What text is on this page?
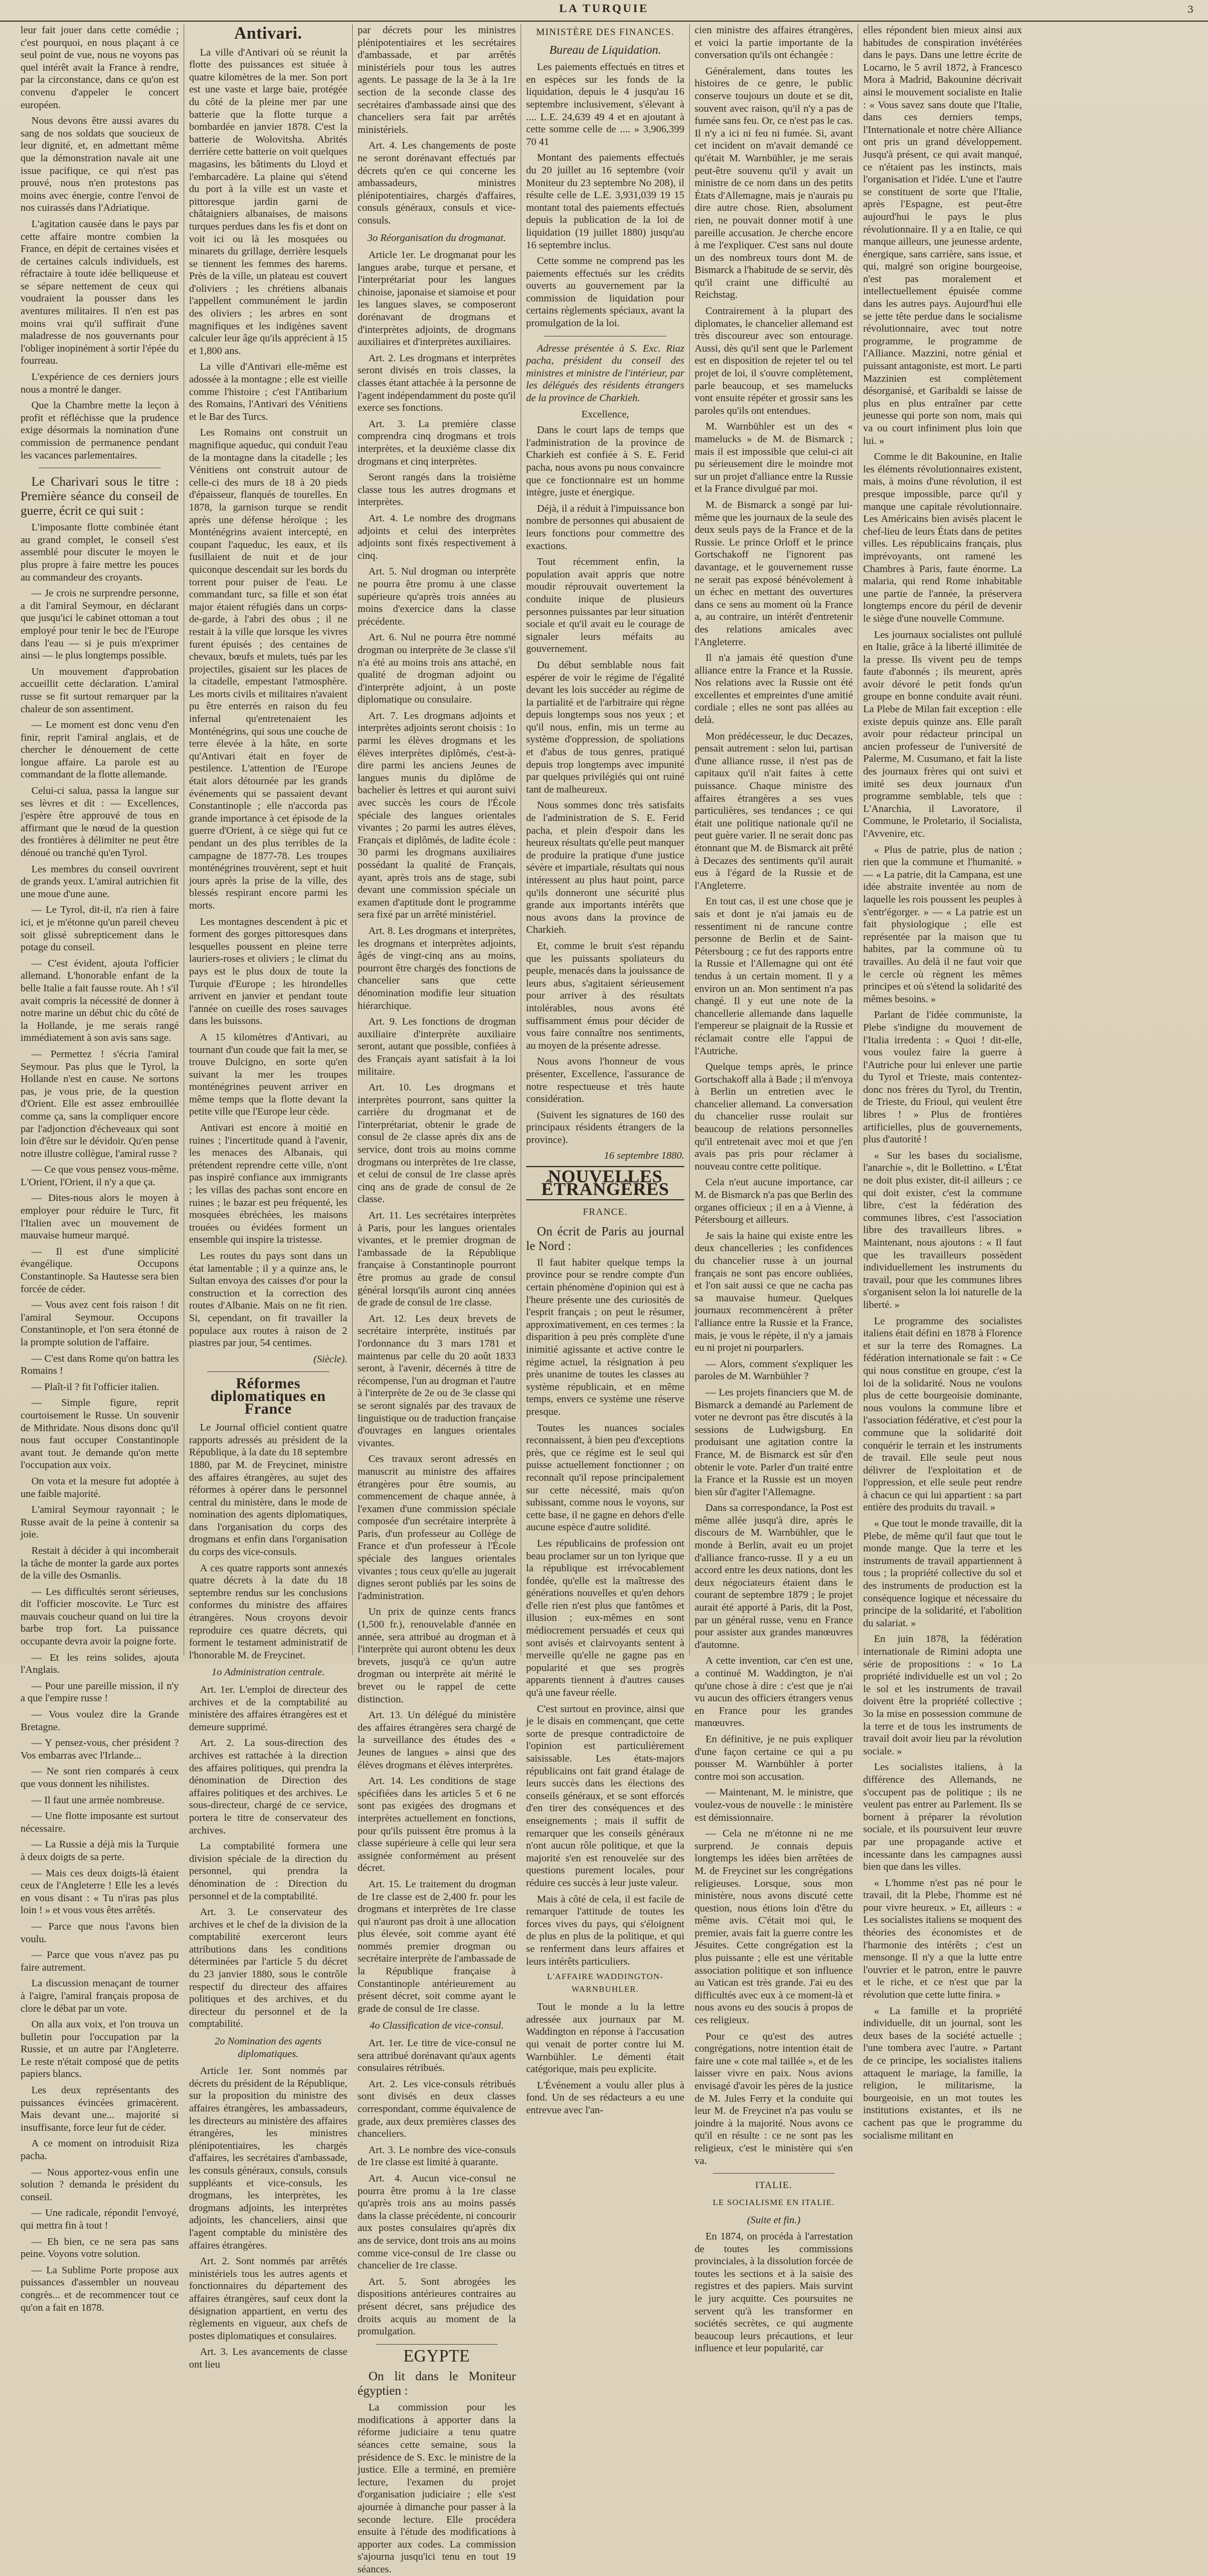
LA TURQUIE	3

leur fait jouer dans cette comédie ; c'est pourquoi, en nous plaçant à ce seul point de vue, nous ne voyons pas quel intérêt avait la France à rendre, par la circonstance, dans ce qu'on est convenu d'appeler le concert européen.

Nous devons être aussi avares du sang de nos soldats que soucieux de leur dignité, et, en admettant même que la démonstration navale ait une issue pacifique, ce qui n'est pas prouvé, nous n'en protestons pas moins avec énergie, contre l'envoi de nos cuirassés dans l'Adriatique.

L'agitation causée dans le pays par cette affaire montre combien la France, en dépit de certaines visées et de certaines calculs individuels, est réfractaire à toute idée belliqueuse et se sépare nettement de ceux qui voudraient la pousser dans les aventures militaires. Il n'en est pas moins vrai qu'il suffirait d'une maladresse de nos gouvernants pour l'obliger inopinément à sortir l'épée du fourreau.

L'expérience de ces derniers jours nous a montré le danger.

Que la Chambre mette la leçon à profit et réfléchisse que la prudence exige désormais la nomination d'une commission de permanence pendant les vacances parlementaires.

Le Charivari sous le titre : Première séance du conseil de guerre, écrit ce qui suit :

L'imposante flotte combinée étant au grand complet, le conseil s'est assemblé pour discuter le moyen le plus propre à faire mettre les pouces au commandeur des croyants.

— Je crois ne surprendre personne, a dit l'amiral Seymour, en déclarant que jusqu'ici le cabinet ottoman a tout employé pour tenir le bec de l'Europe dans l'eau — si je puis m'exprimer ainsi — le plus longtemps possible.

Un mouvement d'approbation accueillit cette déclaration. L'amiral russe se fit surtout remarquer par la chaleur de son assentiment.

— Le moment est donc venu d'en finir, reprit l'amiral anglais, et de chercher le dénouement de cette longue affaire. La parole est au commandant de la flotte allemande.

Celui-ci salua, passa la langue sur ses lèvres et dit : — Excellences, j'espère être approuvé de tous en affirmant que le nœud de la question des frontières à délimiter ne peut être dénoué ou tranché qu'en Tyrol.

Les membres du conseil ouvrirent de grands yeux. L'amiral autrichien fit une moue d'une aune.

— Le Tyrol, dit-il, n'a rien à faire ici, et je m'étonne qu'un pareil cheveu soit glissé subrepticement dans le potage du conseil.

— C'est évident, ajouta l'officier allemand. L'honorable enfant de la belle Italie a fait fausse route. Ah ! s'il avait compris la nécessité de donner à notre marine un début chic du côté de la Hollande, je me serais rangé immédiatement à son avis sans sage.

— Permettez ! s'écria l'amiral Seymour. Pas plus que le Tyrol, la Hollande n'est en cause. Ne sortons pas, je vous prie, de la question d'Orient. Elle est assez embrouillée comme ça, sans la compliquer encore par l'adjonction d'écheveaux qui sont loin d'être sur le dévidoir. Qu'en pense notre illustre collègue, l'amiral russe ?

— Ce que vous pensez vous-même. L'Orient, l'Orient, il n'y a que ça.

— Dites-nous alors le moyen à employer pour réduire le Turc, fit l'Italien avec un mouvement de mauvaise humeur marqué.

— Il est d'une simplicité évangélique. Occupons Constantinople. Sa Hautesse sera bien forcée de céder.

— Vous avez cent fois raison ! dit l'amiral Seymour. Occupons Constantinople, et l'on sera étonné de la prompte solution de l'affaire.

— C'est dans Rome qu'on battra les Romains !

— Plaît-il ? fit l'officier italien.

— Simple figure, reprit courtoisement le Russe. Un souvenir de Mithridate. Nous disons donc qu'il nous faut occuper Constantinople avant tout. Je demande qu'on mette l'occupation aux voix.

On vota et la mesure fut adoptée à une faible majorité.

L'amiral Seymour rayonnait ; le Russe avait de la peine à contenir sa joie.

Restait à décider à qui incomberait la tâche de monter la garde aux portes de la ville des Osmanlis.

— Les difficultés seront sérieuses, dit l'officier moscovite. Le Turc est mauvais coucheur quand on lui tire la barbe trop fort. La puissance occupante devra avoir la poigne forte.

— Et les reins solides, ajouta l'Anglais.

— Pour une pareille mission, il n'y a que l'empire russe !

— Vous voulez dire la Grande Bretagne.

— Y pensez-vous, cher président ? Vos embarras avec l'Irlande...

— Ne sont rien comparés à ceux que vous donnent les nihilistes.

— Il faut une armée nombreuse.

— Une flotte imposante est surtout nécessaire.

— La Russie a déjà mis la Turquie à deux doigts de sa perte.

— Mais ces deux doigts-là étaient ceux de l'Angleterre ! Elle les a levés en vous disant : « Tu n'iras pas plus loin ! » et vous vous êtes arrêtés.

— Parce que nous l'avons bien voulu.

— Parce que vous n'avez pas pu faire autrement.

La discussion menaçant de tourner à l'aigre, l'amiral français proposa de clore le débat par un vote.

On alla aux voix, et l'on trouva un bulletin pour l'occupation par la Russie, et un autre par l'Angleterre. Le reste n'était composé que de petits papiers blancs.

Les deux représentants des puissances évincées grimacèrent. Mais devant une... majorité si insuffisante, force leur fut de céder.

A ce moment on introduisit Riza pacha.

— Nous apportez-vous enfin une solution ? demanda le président du conseil.

— Une radicale, répondit l'envoyé, qui mettra fin à tout !

— Eh bien, ce ne sera pas sans peine. Voyons votre solution.

— La Sublime Porte propose aux puissances d'assembler un nouveau congrès... et de recommencer tout ce qu'on a fait en 1878.

Antivari.

La ville d'Antivari où se réunit la flotte des puissances est située à quatre kilomètres de la mer. Son port est une vaste et large baie, protégée du côté de la pleine mer par une batterie que la flotte turque a bombardée en janvier 1878. C'est la batterie de Wolovitsha. Abrités derrière cette batterie on voit quelques magasins, les bâtiments du Lloyd et l'embarcadère. La plaine qui s'étend du port à la ville est un vaste et pittoresque jardin garni de châtaigniers albanaises, de maisons turques perdues dans les fis et dont on voit ici ou là les mosquées ou minarets du grillage, derrière lesquels se tiennent les femmes des harems. Près de la ville, un plateau est couvert d'oliviers ; les chrétiens albanais l'appellent communément le jardin des oliviers ; les arbres en sont magnifiques et les indigènes savent calculer leur âge qu'ils apprécient à 15 et 1,800 ans.

La ville d'Antivari elle-même est adossée à la montagne ; elle est vieille comme l'histoire ; c'est l'Antibarium des Romains, l'Antivari des Vénitiens et le Bar des Turcs.

Les Romains ont construit un magnifique aqueduc, qui conduit l'eau de la montagne dans la citadelle ; les Vénitiens ont construit autour de celle-ci des murs de 18 à 20 pieds d'épaisseur, flanqués de tourelles. En 1878, la garnison turque se rendit après une défense héroïque ; les Monténégrins avaient intercepté, en coupant l'aqueduc, les eaux, et ils fusillaient de nuit et de jour quiconque descendait sur les bords du torrent pour puiser de l'eau. Le commandant turc, sa fille et son état major étaient réfugiés dans un corps-de-garde, à l'abri des obus ; il ne restait à la ville que lorsque les vivres furent épuisés ; des centaines de chevaux, bœufs et mulets, tués par les projectiles, gisaient sur les places de la citadelle, empestant l'atmosphère. Les morts civils et militaires n'avaient pu être enterrés en raison du feu infernal qu'entretenaient les Monténégrins, qui sous une couche de terre élevée à la hâte, en sorte qu'Antivari était en foyer de pestilence. L'attention de l'Europe était alors détournée par les grands événements qui se passaient devant Constantinople ; elle n'accorda pas grande importance à cet épisode de la guerre d'Orient, à ce siège qui fut ce pendant un des plus terribles de la campagne de 1877-78. Les troupes monténégrines trouvèrent, sept et huit jours après la prise de la ville, des blessés respirant encore parmi les morts.

Les montagnes descendent à pic et forment des gorges pittoresques dans lesquelles poussent en pleine terre lauriers-roses et oliviers ; le climat du pays est le plus doux de toute la Turquie d'Europe ; les hirondelles arrivent en janvier et pendant toute l'année on cueille des roses sauvages dans les buissons.

A 15 kilomètres d'Antivari, au tournant d'un coude que fait la mer, se trouve Dulcigno, en sorte qu'en suivant la mer les troupes monténégrines peuvent arriver en même temps que la flotte devant la petite ville que l'Europe leur cède.

Antivari est encore à moitié en ruines ; l'incertitude quand à l'avenir, les menaces des Albanais, qui prétendent reprendre cette ville, n'ont pas inspiré confiance aux immigrants ; les villas des pachas sont encore en ruines ; le bazar est peu fréquenté, les mosquées ébréchées, les maisons trouées ou évidées forment un ensemble qui inspire la tristesse.

Les routes du pays sont dans un état lamentable ; il y a quinze ans, le Sultan envoya des caisses d'or pour la construction et la correction des routes d'Albanie. Mais on ne fit rien. Si, cependant, on fit travailler la populace aux routes à raison de 2 piastres par jour, 54 centimes.

(Siècle).

Réformes diplomatiques en France

Le Journal officiel contient quatre rapports adressés au président de la République, à la date du 18 septembre 1880, par M. de Freycinet, ministre des affaires étrangères, au sujet des réformes à opérer dans le personnel central du ministère, dans le mode de nomination des agents diplomatiques, dans l'organisation du corps des drogmans et enfin dans l'organisation du corps des vice-consuls.

A ces quatre rapports sont annexés quatre décrets à la date du 18 septembre rendus sur les conclusions conformes du ministre des affaires étrangères. Nous croyons devoir reproduire ces quatre décrets, qui forment le testament administratif de l'honorable M. de Freycinet.

1o Administration centrale.

Art. 1er. L'emploi de directeur des archives et de la comptabilité au ministère des affaires étrangères est et demeure supprimé.

Art. 2. La sous-direction des archives est rattachée à la direction des affaires politiques, qui prendra la dénomination de Direction des affaires politiques et des archives. Le sous-directeur, chargé de ce service, portera le titre de conservateur des archives.

La comptabilité formera une division spéciale de la direction du personnel, qui prendra la dénomination de : Direction du personnel et de la comptabilité.

Art. 3. Le conservateur des archives et le chef de la division de la comptabilité exerceront leurs attributions dans les conditions déterminées par l'article 5 du décret du 23 janvier 1880, sous le contrôle respectif du directeur des affaires politiques et des archives, et du directeur du personnel et de la comptabilité.

2o Nomination des agents diplomatiques.

Article 1er. Sont nommés par décrets du président de la République, sur la proposition du ministre des affaires étrangères, les ambassadeurs, les directeurs au ministère des affaires étrangères, les ministres plénipotentiaires, les chargés d'affaires, les secrétaires d'ambassade, les consuls généraux, consuls, consuls suppléants et vice-consuls, les drogmans, les interprètes, les drogmans adjoints, les interprètes adjoints, les chanceliers, ainsi que l'agent comptable du ministère des affaires étrangères.

Art. 2. Sont nommés par arrêtés ministériels tous les autres agents et fonctionnaires du département des affaires étrangères, sauf ceux dont la désignation appartient, en vertu des règlements en vigueur, aux chefs de postes diplomatiques et consulaires.

Art. 3. Les avancements de classe ont lieu

par décrets pour les ministres plénipotentiaires et les secrétaires d'ambassade, et par arrêtés ministériels pour tous les autres agents. Le passage de la 3e à la 1re section de la seconde classe des secrétaires d'ambassade ainsi que des chanceliers sera fait par arrêtés ministériels.

Art. 4. Les changements de poste ne seront dorénavant effectués par décrets qu'en ce qui concerne les ambassadeurs, ministres plénipotentiaires, chargés d'affaires, consuls généraux, consuls et vice-consuls.

3o Réorganisation du drogmanat.

Article 1er. Le drogmanat pour les langues arabe, turque et persane, et l'interprétariat pour les langues chinoise, japonaise et siamoise et pour les langues slaves, se composeront dorénavant de drogmans et d'interprètes adjoints, de drogmans auxiliaires et d'interprètes auxiliaires.

Art. 2. Les drogmans et interprètes seront divisés en trois classes, la classes étant attachée à la personne de l'agent indépendamment du poste qu'il exerce ses fonctions.

Art. 3. La première classe comprendra cinq drogmans et trois interprètes, et la deuxième classe dix drogmans et cinq interprètes.

Seront rangés dans la troisième classe tous les autres drogmans et interprètes.

Art. 4. Le nombre des drogmans adjoints et celui des interprètes adjoints sont fixés respectivement à cinq.

Art. 5. Nul drogman ou interprète ne pourra être promu à une classe supérieure qu'après trois années au moins d'exercice dans la classe précédente.

Art. 6. Nul ne pourra être nommé drogman ou interprète de 3e classe s'il n'a été au moins trois ans attaché, en qualité de drogman adjoint ou d'interprète adjoint, à un poste diplomatique ou consulaire.

Art. 7. Les drogmans adjoints et interprètes adjoints seront choisis : 1o parmi les élèves drogmans et les élèves interprètes diplômés, c'est-à-dire parmi les anciens Jeunes de langues munis du diplôme de bachelier ès lettres et qui auront suivi avec succès les cours de l'École spéciale des langues orientales vivantes ; 2o parmi les autres élèves, Français et diplômés, de ladite école : 30 parmi les drogmans auxiliaires possédant la qualité de Français, ayant, après trois ans de stage, subi devant une commission spéciale un examen d'aptitude dont le programme sera fixé par un arrêté ministériel.

Art. 8. Les drogmans et interprètes, les drogmans et interprètes adjoints, âgés de vingt-cinq ans au moins, pourront être chargés des fonctions de chancelier sans que cette dénomination modifie leur situation hiérarchique.

Art. 9. Les fonctions de drogman auxiliaire d'interprète auxiliaire seront, autant que possible, confiées à des Français ayant satisfait à la loi militaire.

Art. 10. Les drogmans et interprètes pourront, sans quitter la carrière du drogmanat et de l'interprétariat, obtenir le grade de consul de 2e classe après dix ans de service, dont trois au moins comme drogmans ou interprètes de 1re classe, et celui de consul de 1re classe après cinq ans de grade de consul de 2e classe.

Art. 11. Les secrétaires interprètes à Paris, pour les langues orientales vivantes, et le premier drogman de l'ambassade de la République française à Constantinople pourront être promus au grade de consul général lorsqu'ils auront cinq années de grade de consul de 1re classe.

Art. 12. Les deux brevets de secrétaire interprète, institués par l'ordonnance du 3 mars 1781 et maintenus par celle du 20 août 1833 seront, à l'avenir, décernés à titre de récompense, l'un au drogman et l'autre à l'interprète de 2e ou de 3e classe qui se seront signalés par des travaux de linguistique ou de traduction française d'ouvrages en langues orientales vivantes.

Ces travaux seront adressés en manuscrit au ministre des affaires étrangères pour être soumis, au commencement de chaque année, à l'examen d'une commission spéciale composée d'un secrétaire interprète à Paris, d'un professeur au Collège de France et d'un professeur à l'École spéciale des langues orientales vivantes ; tous ceux qu'elle au jugerait dignes seront publiés par les soins de l'administration.

Un prix de quinze cents francs (1,500 fr.), renouvelable d'année en année, sera attribué au drogman et à l'interprète qui auront obtenu les deux brevets, jusqu'à ce qu'un autre drogman ou interprète ait mérité le brevet ou le rappel de cette distinction.

Art. 13. Un délégué du ministère des affaires étrangères sera chargé de la surveillance des études des « Jeunes de langues » ainsi que des élèves drogmans et élèves interprètes.

Art. 14. Les conditions de stage spécifiées dans les articles 5 et 6 ne sont pas exigées des drogmans et interprètes actuellement en fonctions, pour qu'ils puissent être promus à la classe supérieure à celle qui leur sera assignée conformément au présent décret.

Art. 15. Le traitement du drogman de 1re classe est de 2,400 fr. pour les drogmans et interprètes de 1re classe qui n'auront pas droit à une allocation plus élevée, soit comme ayant été nommés premier drogman ou secrétaire interprète de l'ambassade de la République française à Constantinople antérieurement au présent décret, soit comme ayant le grade de consul de 1re classe.

4o Classification de vice-consul.

Art. 1er. Le titre de vice-consul ne sera attribué dorénavant qu'aux agents consulaires rétribués.

Art. 2. Les vice-consuls rétribués sont divisés en deux classes correspondant, comme équivalence de grade, aux deux premières classes des chanceliers.

Art. 3. Le nombre des vice-consuls de 1re classe est limité à quarante.

Art. 4. Aucun vice-consul ne pourra être promu à la 1re classe qu'après trois ans au moins passés dans la classe précédente, ni concourir aux postes consulaires qu'après dix ans de service, dont trois ans au moins comme vice-consul de 1re classe ou chancelier de 1re classe.

Art. 5. Sont abrogées les dispositions antérieures contraires au présent décret, sans préjudice des droits acquis au moment de la promulgation.

EGYPTE

On lit dans le Moniteur égyptien :

La commission pour les modifications à apporter dans la réforme judiciaire a tenu quatre séances cette semaine, sous la présidence de S. Exc. le ministre de la justice. Elle a terminé, en première lecture, l'examen du projet d'organisation judiciaire ; elle s'est ajournée à dimanche pour passer à la seconde lecture. Elle procédera ensuite à l'étude des modifications à apporter aux codes. La commission s'ajourna jusqu'ici tenu en tout 19 séances.

MINISTÈRE DES FINANCES.
Bureau de Liquidation.

Les paiements effectués en titres et en espèces sur les fonds de la liquidation, depuis le 4 jusqu'au 16 septembre inclusivement, s'élevant à .... L.E. 24,639 49 4 et en ajoutant à cette somme celle de .... » 3,906,399 70 41

Montant des paiements effectués du 20 juillet au 16 septembre (voir Moniteur du 23 septembre No 208), il résulte celle de L.E. 3,931,039 19 15 montant total des paiements effectués depuis la publication de la loi de liquidation (19 juillet 1880) jusqu'au 16 septembre inclus.

Cette somme ne comprend pas les paiements effectués sur les crédits ouverts au gouvernement par la commission de liquidation pour certains règlements spéciaux, avant la promulgation de la loi.

Adresse présentée à S. Exc. Riaz pacha, président du conseil des ministres et ministre de l'intérieur, par les délégués des résidents étrangers de la province de Charkieh.

Excellence,

Dans le court laps de temps que l'administration de la province de Charkieh est confiée à S. E. Ferid pacha, nous avons pu nous convaincre que ce fonctionnaire est un homme intègre, juste et énergique.

Déjà, il a réduit à l'impuissance bon nombre de personnes qui abusaient de leurs fonctions pour commettre des exactions.

Tout récemment enfin, la population avait appris que notre moudir réprouvait ouvertement la conduite inique de plusieurs personnes puissantes par leur situation sociale et qu'il avait eu le courage de signaler leurs méfaits au gouvernement.

Du début semblable nous fait espérer de voir le régime de l'égalité devant les lois succéder au régime de la partialité et de l'arbitraire qui règne depuis longtemps sous nos yeux ; et qu'il nous, enfin, mis un terme au système d'oppression, de spoliations et d'abus de tous genres, pratiqué depuis trop longtemps avec impunité par quelques privilégiés qui ont ruiné tant de malheureux.

Nous sommes donc très satisfaits de l'administration de S. E. Ferid pacha, et plein d'espoir dans les heureux résultats qu'elle peut manquer de produire la pratique d'une justice sévère et impartiale, résultats qui nous intéressent au plus haut point, parce qu'ils donneront une sécurité plus grande aux importants intérêts que nous avons dans la province de Charkieh.

Et, comme le bruit s'est répandu que les puissants spoliateurs du peuple, menacés dans la jouissance de leurs abus, s'agitaient sérieusement pour arriver à des résultats intolérables, nous avons été suffisamment émus pour décider de vous faire connaître nos sentiments, au moyen de la présente adresse.

Nous avons l'honneur de vous présenter, Excellence, l'assurance de notre respectueuse et très haute considération.

(Suivent les signatures de 160 des principaux résidents étrangers de la province).

16 septembre 1880.

NOUVELLES ÉTRANGÈRES
FRANCE.

On écrit de Paris au journal le Nord :

Il faut habiter quelque temps la province pour se rendre compte d'un certain phénomène d'opinion qui est à l'heure présente une des curiosités de l'esprit français ; on peut le résumer, approximativement, en ces termes : la disparition à peu près complète d'une inimitié agissante et active contre le régime actuel, la résignation à peu près unanime de toutes les classes au système républicain, et en même temps, envers ce système une réserve presque.

Toutes les nuances sociales reconnaissent, à bien peu d'exceptions près, que ce régime est le seul qui puisse actuellement fonctionner ; on reconnaît qu'il repose principalement sur cette nécessité, mais qu'on subissant, comme nous le voyons, sur cette base, il ne gagne en dehors d'elle aucune espèce d'autre solidité.

Les républicains de profession ont beau proclamer sur un ton lyrique que la république est irrévocablement fondée, qu'elle est la maîtresse des générations nouvelles et qu'en dehors d'elle rien n'est plus que fantômes et illusion ; eux-mêmes en sont médiocrement persuadés et ceux qui sont avisés et clairvoyants sentent à merveille qu'elle ne gagne pas en popularité et que ses progrès apparents tiennent à d'autres causes qu'à une faveur réelle.

C'est surtout en province, ainsi que je le disais en commençant, que cette sorte de presque contradictoire de l'opinion est particulièrement saisissable. Les états-majors républicains ont fait grand étalage de leurs succès dans les élections des conseils généraux, et se sont efforcés d'en tirer des conséquences et des enseignements ; mais il suffit de remarquer que les conseils généraux n'ont aucun rôle politique, et que la majorité s'en est renouvelée sur des questions purement locales, pour réduire ces succès à leur juste valeur.

Mais à côté de cela, il est facile de remarquer l'attitude de toutes les forces vives du pays, qui s'éloignent de plus en plus de la politique, et qui se renferment dans leurs affaires et leurs intérêts particuliers.

L'AFFAIRE WADDINGTON-WARNBUHLER.

Tout le monde a lu la lettre adressée aux journaux par M. Waddington en réponse à l'accusation qui venait de porter contre lui M. Warnbühler. Le démenti était catégorique, mais peu explicite.

L'Événement a voulu aller plus à fond. Un de ses rédacteurs a eu une entrevue avec l'an-

cien ministre des affaires étrangères, et voici la partie importante de la conversation qu'ils ont échangée :

Généralement, dans toutes les histoires de ce genre, le public conserve toujours un doute et se dit, souvent avec raison, qu'il n'y a pas de fumée sans feu. Or, ce n'est pas le cas. Il n'y a ici ni feu ni fumée. Si, avant cet incident on m'avait demandé ce qu'était M. Warnbühler, je me serais peut-être souvenu qu'il y avait un ministre de ce nom dans un des petits États d'Allemagne, mais je n'aurais pu dire autre chose. Rien, absolument rien, ne pouvait donner motif à une pareille accusation. Je cherche encore à me l'expliquer. C'est sans nul doute un des nombreux tours dont M. de Bismarck a l'habitude de se servir, dès qu'il craint une difficulté au Reichstag.

Contrairement à la plupart des diplomates, le chancelier allemand est très discoureur avec son entourage. Aussi, dès qu'il sent que le Parlement est en disposition de rejeter tel ou tel projet de loi, il s'ouvre complètement, parle beaucoup, et ses mamelucks vont ensuite répéter et grossir sans les paroles qu'ils ont entendues.

M. Warnbühler est un des « mamelucks » de M. de Bismarck ; mais il est impossible que celui-ci ait pu sérieusement dire le moindre mot sur un projet d'alliance entre la Russie et la France divulgué par moi.

M. de Bismarck a songé par lui-même que les journaux de la seule des deux seuls pays de la France et de la Russie. Le prince Orloff et le prince Gortschakoff ne l'ignorent pas davantage, et le gouvernement russe ne serait pas exposé bénévolement à un échec en mettant des ouvertures dans ce sens au moment où la France a, au contraire, un intérêt d'entretenir des relations amicales avec l'Angleterre.

Il n'a jamais été question d'une alliance entre la France et la Russie. Nos relations avec la Russie ont été excellentes et empreintes d'une amitié cordiale ; elles ne sont pas allées au delà.

Mon prédécesseur, le duc Decazes, pensait autrement : selon lui, partisan d'une alliance russe, il n'est pas de capitaux qu'il n'ait faites à cette puissance. Chaque ministre des affaires étrangères a ses vues particulières, ses tendances ; ce qui était une politique nationale qu'il ne peut guère varier. Il ne serait donc pas étonnant que M. de Bismarck ait prêté à Decazes des sentiments qu'il aurait eus à l'égard de la Russie et de l'Angleterre.

En tout cas, il est une chose que je sais et dont je n'ai jamais eu de ressentiment ni de rancune contre personne de Berlin et de Saint-Pétersbourg ; ce fut des rapports entre la Russie et l'Allemagne qui ont été tendus à un certain moment. Il y a environ un an. Mon sentiment n'a pas changé. Il y eut une note de la chancellerie allemande dans laquelle l'empereur se plaignait de la Russie et réclamait contre elle l'appui de l'Autriche.

Quelque temps après, le prince Gortschakoff alla à Bade ; il m'envoya à Berlin un entretien avec le chancelier allemand. La conversation du chancelier russe roulait sur beaucoup de relations personnelles qu'il entretenait avec moi et que j'en avais pas pris pour réclamer à nouveau contre cette politique.

Cela n'eut aucune importance, car M. de Bismarck n'a pas que Berlin des organes officieux ; il en a à Vienne, à Pétersbourg et ailleurs.

Je sais la haine qui existe entre les deux chancelleries ; les confidences du chancelier russe à un journal français ne sont pas encore oubliées, et l'on sait aussi ce que ne cacha pas sa mauvaise humeur. Quelques journaux recommencèrent à prêter l'alliance entre la Russie et la France, mais, je vous le répète, il n'y a jamais eu ni projet ni pourparlers.

— Alors, comment s'expliquer les paroles de M. Warnbühler ?

— Les projets financiers que M. de Bismarck a demandé au Parlement de voter ne devront pas être discutés à la sessions de Ludwigsburg. En produisant une agitation contre la France, M. de Bismarck est sûr d'en obtenir le vote. Parler d'un traité entre la France et la Russie est un moyen bien sûr d'agiter l'Allemagne.

Dans sa correspondance, la Post est même allée jusqu'à dire, après le discours de M. Warnbühler, que le monde à Berlin, avait eu un projet d'alliance franco-russe. Il y a eu un accord entre les deux nations, dont les deux négociateurs étaient dans le courant de septembre 1879 ; le projet aurait été apporté à Paris, dit la Post, par un général russe, venu en France pour assister aux grandes manœuvres d'automne.

A cette invention, car c'en est une, a continué M. Waddington, je n'ai qu'une chose à dire : c'est que je n'ai vu aucun des officiers étrangers venus en France pour les grandes manœuvres.

En définitive, je ne puis expliquer d'une façon certaine ce qui a pu pousser M. Warnbühler à porter contre moi son accusation.

— Maintenant, M. le ministre, que voulez-vous de nouvelle : le ministère est démissionnaire.

— Cela ne m'étonne ni ne me surprend. Je connais depuis longtemps les idées bien arrêtées de M. de Freycinet sur les congrégations religieuses. Lorsque, sous mon ministère, nous avons discuté cette question, nous étions loin d'être du même avis. C'était moi qui, le premier, avais fait la guerre contre les Jésuites. Cette congrégation est la plus puissante ; elle est une véritable association politique et son influence au Vatican est très grande. J'ai eu des difficultés avec eux à ce moment-là et nous avons eu des soucis à propos de ces religieux.

Pour ce qu'est des autres congrégations, notre intention était de faire une « cote mal taillée », et de les laisser vivre en paix. Nous avions envisagé d'avoir les pères de la justice de M. Jules Ferry et la conduite qui leur M. de Freycinet n'a pas voulu se joindre à la majorité. Nous avons ce qu'il en résulte : ce ne sont pas les religieux, c'est le ministère qui s'en va.

ITALIE.
LE SOCIALISME EN ITALIE.

(Suite et fin.)

En 1874, on procéda à l'arrestation de toutes les commissions provinciales, à la dissolution forcée de toutes les sections et à la saisie des registres et des papiers. Mais survint le jury acquitte. Ces poursuites ne servent qu'à les transformer en sociétés secrètes, ce qui augmente beaucoup leurs précautions, et leur influence et leur popularité, car

elles répondent bien mieux ainsi aux habitudes de conspiration invétérées dans le pays. Dans une lettre écrite de Locarno, le 5 avril 1872, à Francesco Mora à Madrid, Bakounine décrivait ainsi le mouvement socialiste en Italie : « Vous savez sans doute que l'Italie, dans ces derniers temps, l'Internationale et notre chère Alliance ont pris un grand développement. Jusqu'à présent, ce qui avait manqué, ce n'étaient pas les instincts, mais l'organisation et l'idée. L'une et l'autre se constituent de sorte que l'Italie, après l'Espagne, est peut-être aujourd'hui le pays le plus révolutionnaire. Il y a en Italie, ce qui manque ailleurs, une jeunesse ardente, énergique, sans carrière, sans issue, et qui, malgré son origine bourgeoise, n'est pas moralement et intellectuellement épuisée comme dans les autres pays. Aujourd'hui elle se jette tête perdue dans le socialisme révolutionnaire, avec tout notre programme, le programme de l'Alliance. Mazzini, notre génial et puissant antagoniste, est mort. Le parti Mazzinien est complètement désorganisé, et Garibaldi se laisse de plus en plus entraîner par cette jeunesse qui porte son nom, mais qui va ou court infiniment plus loin que lui. »

Comme le dit Bakounine, en Italie les éléments révolutionnaires existent, mais, à moins d'une révolution, il est presque impossible, parce qu'il y manque une capitale révolutionnaire. Les Américains bien avisés placent le chef-lieu de leurs États dans de petites villes. Les républicains français, plus imprévoyants, ont ramené les Chambres à Paris, faute énorme. La malaria, qui rend Rome inhabitable une partie de l'année, la préservera longtemps encore du péril de devenir le siège d'une nouvelle Commune.

Les journaux socialistes ont pullulé en Italie, grâce à la liberté illimitée de la presse. Ils vivent peu de temps faute d'abonnés ; ils meurent, après avoir dévoré le petit fonds qu'un groupe en bonne conduite avait réuni. La Plebe de Milan fait exception : elle existe depuis quinze ans. Elle paraît avoir pour rédacteur principal un ancien professeur de l'université de Palerme, M. Cusumano, et fait la liste des journaux frères qui ont suivi et imité ses deux journaux d'un programme semblable, tels que : L'Anarchia, il Lavoratore, il Commune, le Proletario, il Socialista, l'Avvenire, etc.

« Plus de patrie, plus de nation ; rien que la commune et l'humanité. » — « La patrie, dit la Campana, est une idée abstraite inventée au nom de laquelle les rois poussent les peuples à s'entr'égorger. » — « La patrie est un fait physiologique ; elle est représentée par la maison que tu habites, par la commune où tu travailles. Au delà il ne faut voir que le cercle où règnent les mêmes principes et où s'étend la solidarité des mêmes besoins. »

Parlant de l'idée communiste, la Plebe s'indigne du mouvement de l'Italia irredenta : « Quoi ! dit-elle, vous voulez faire la guerre à l'Autriche pour lui enlever une partie du Tyrol et Trieste, mais contentez-donc nos frères du Tyrol, du Trentin, de Trieste, du Frioul, qui veulent être libres ! » Plus de frontières artificielles, plus de gouvernements, plus d'autorité !

« Sur les bases du socialisme, l'anarchie », dit le Bollettino. « L'État ne doit plus exister, dit-il ailleurs ; ce qui doit exister, c'est la commune libre, c'est la fédération des communes libres, c'est l'association libre des travailleurs libres. » Maintenant, nous ajoutons : « Il faut que les travailleurs possèdent individuellement les instruments du travail, pour que les communes libres s'organisent selon la loi naturelle de la liberté. »

Le programme des socialistes italiens était défini en 1878 à Florence et sur la terre des Romagnes. La fédération internationale se fait : « Ce qui nous constitue en groupe, c'est la loi de la solidarité. Nous ne voulons plus de cette bourgeoisie dominante, nous voulons la commune libre et l'association fédérative, et c'est pour la commune que la solidarité doit conquérir le terrain et les instruments de travail. Elle seule peut nous délivrer de l'exploitation et de l'oppression, et elle seule peut rendre à chacun ce qui lui appartient : sa part entière des produits du travail. »

« Que tout le monde travaille, dit la Plebe, de même qu'il faut que tout le monde mange. Que la terre et les instruments de travail appartiennent à tous ; la propriété collective du sol et des instruments de production est la conséquence logique et nécessaire du principe de la solidarité, et l'abolition du salariat. »

En juin 1878, la fédération internationale de Rimini adopta une série de propositions : « 1o La propriété individuelle est un vol ; 2o le sol et les instruments de travail doivent être la propriété collective ; 3o la mise en possession commune de la terre et de tous les instruments de travail doit avoir lieu par la révolution sociale. »

Les socialistes italiens, à la différence des Allemands, ne s'occupent pas de politique ; ils ne veulent pas entrer au Parlement. Ils se bornent à préparer la révolution sociale, et ils poursuivent leur œuvre par une propagande active et incessante dans les campagnes aussi bien que dans les villes.

« L'homme n'est pas né pour le travail, dit la Plebe, l'homme est né pour vivre heureux. » Et, ailleurs : « Les socialistes italiens se moquent des théories des économistes et de l'harmonie des intérêts ; c'est un mensonge. Il n'y a que la lutte entre l'ouvrier et le patron, entre le pauvre et le riche, et ce n'est que par la révolution que cette lutte finira. »

« La famille et la propriété individuelle, dit un journal, sont les deux bases de la société actuelle ; l'une tombera avec l'autre. » Partant de ce principe, les socialistes italiens attaquent le mariage, la famille, la religion, le militarisme, la bourgeoisie, en un mot toutes les institutions existantes, et ils ne cachent pas que le programme du socialisme militant en
